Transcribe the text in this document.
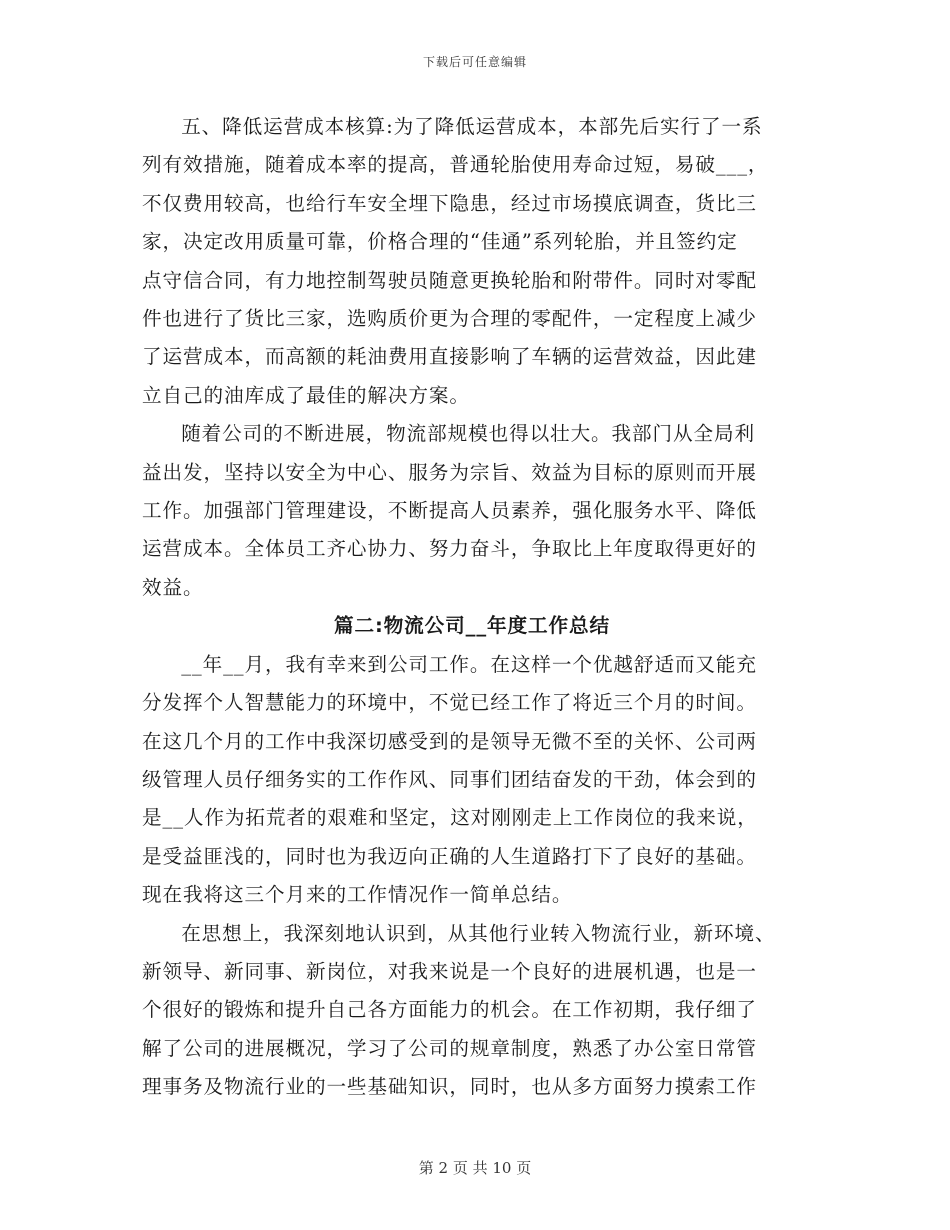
下载后可任意编辑

五、降低运营成本核算:为了降低运营成本，本部先后实行了一系
列有效措施，随着成本率的提高，普通轮胎使用寿命过短，易破___，
不仅费用较高，也给行车安全埋下隐患，经过市场摸底调查，货比三
家，决定改用质量可靠，价格合理的“佳通”系列轮胎，并且签约定
点守信合同，有力地控制驾驶员随意更换轮胎和附带件。同时对零配
件也进行了货比三家，选购质价更为合理的零配件，一定程度上减少
了运营成本，而高额的耗油费用直接影响了车辆的运营效益，因此建
立自己的油库成了最佳的解决方案。

随着公司的不断进展，物流部规模也得以壮大。我部门从全局利
益出发，坚持以安全为中心、服务为宗旨、效益为目标的原则而开展
工作。加强部门管理建设，不断提高人员素养，强化服务水平、降低
运营成本。全体员工齐心协力、努力奋斗，争取比上年度取得更好的
效益。

篇二:物流公司__年度工作总结

__年__月，我有幸来到公司工作。在这样一个优越舒适而又能充
分发挥个人智慧能力的环境中，不觉已经工作了将近三个月的时间。
在这几个月的工作中我深切感受到的是领导无微不至的关怀、公司两
级管理人员仔细务实的工作作风、同事们团结奋发的干劲，体会到的
是__人作为拓荒者的艰难和坚定，这对刚刚走上工作岗位的我来说，
是受益匪浅的，同时也为我迈向正确的人生道路打下了良好的基础。
现在我将这三个月来的工作情况作一简单总结。

在思想上，我深刻地认识到，从其他行业转入物流行业，新环境、
新领导、新同事、新岗位，对我来说是一个良好的进展机遇，也是一
个很好的锻炼和提升自己各方面能力的机会。在工作初期，我仔细了
解了公司的进展概况，学习了公司的规章制度，熟悉了办公室日常管
理事务及物流行业的一些基础知识，同时，也从多方面努力摸索工作

第 2 页 共 10 页
